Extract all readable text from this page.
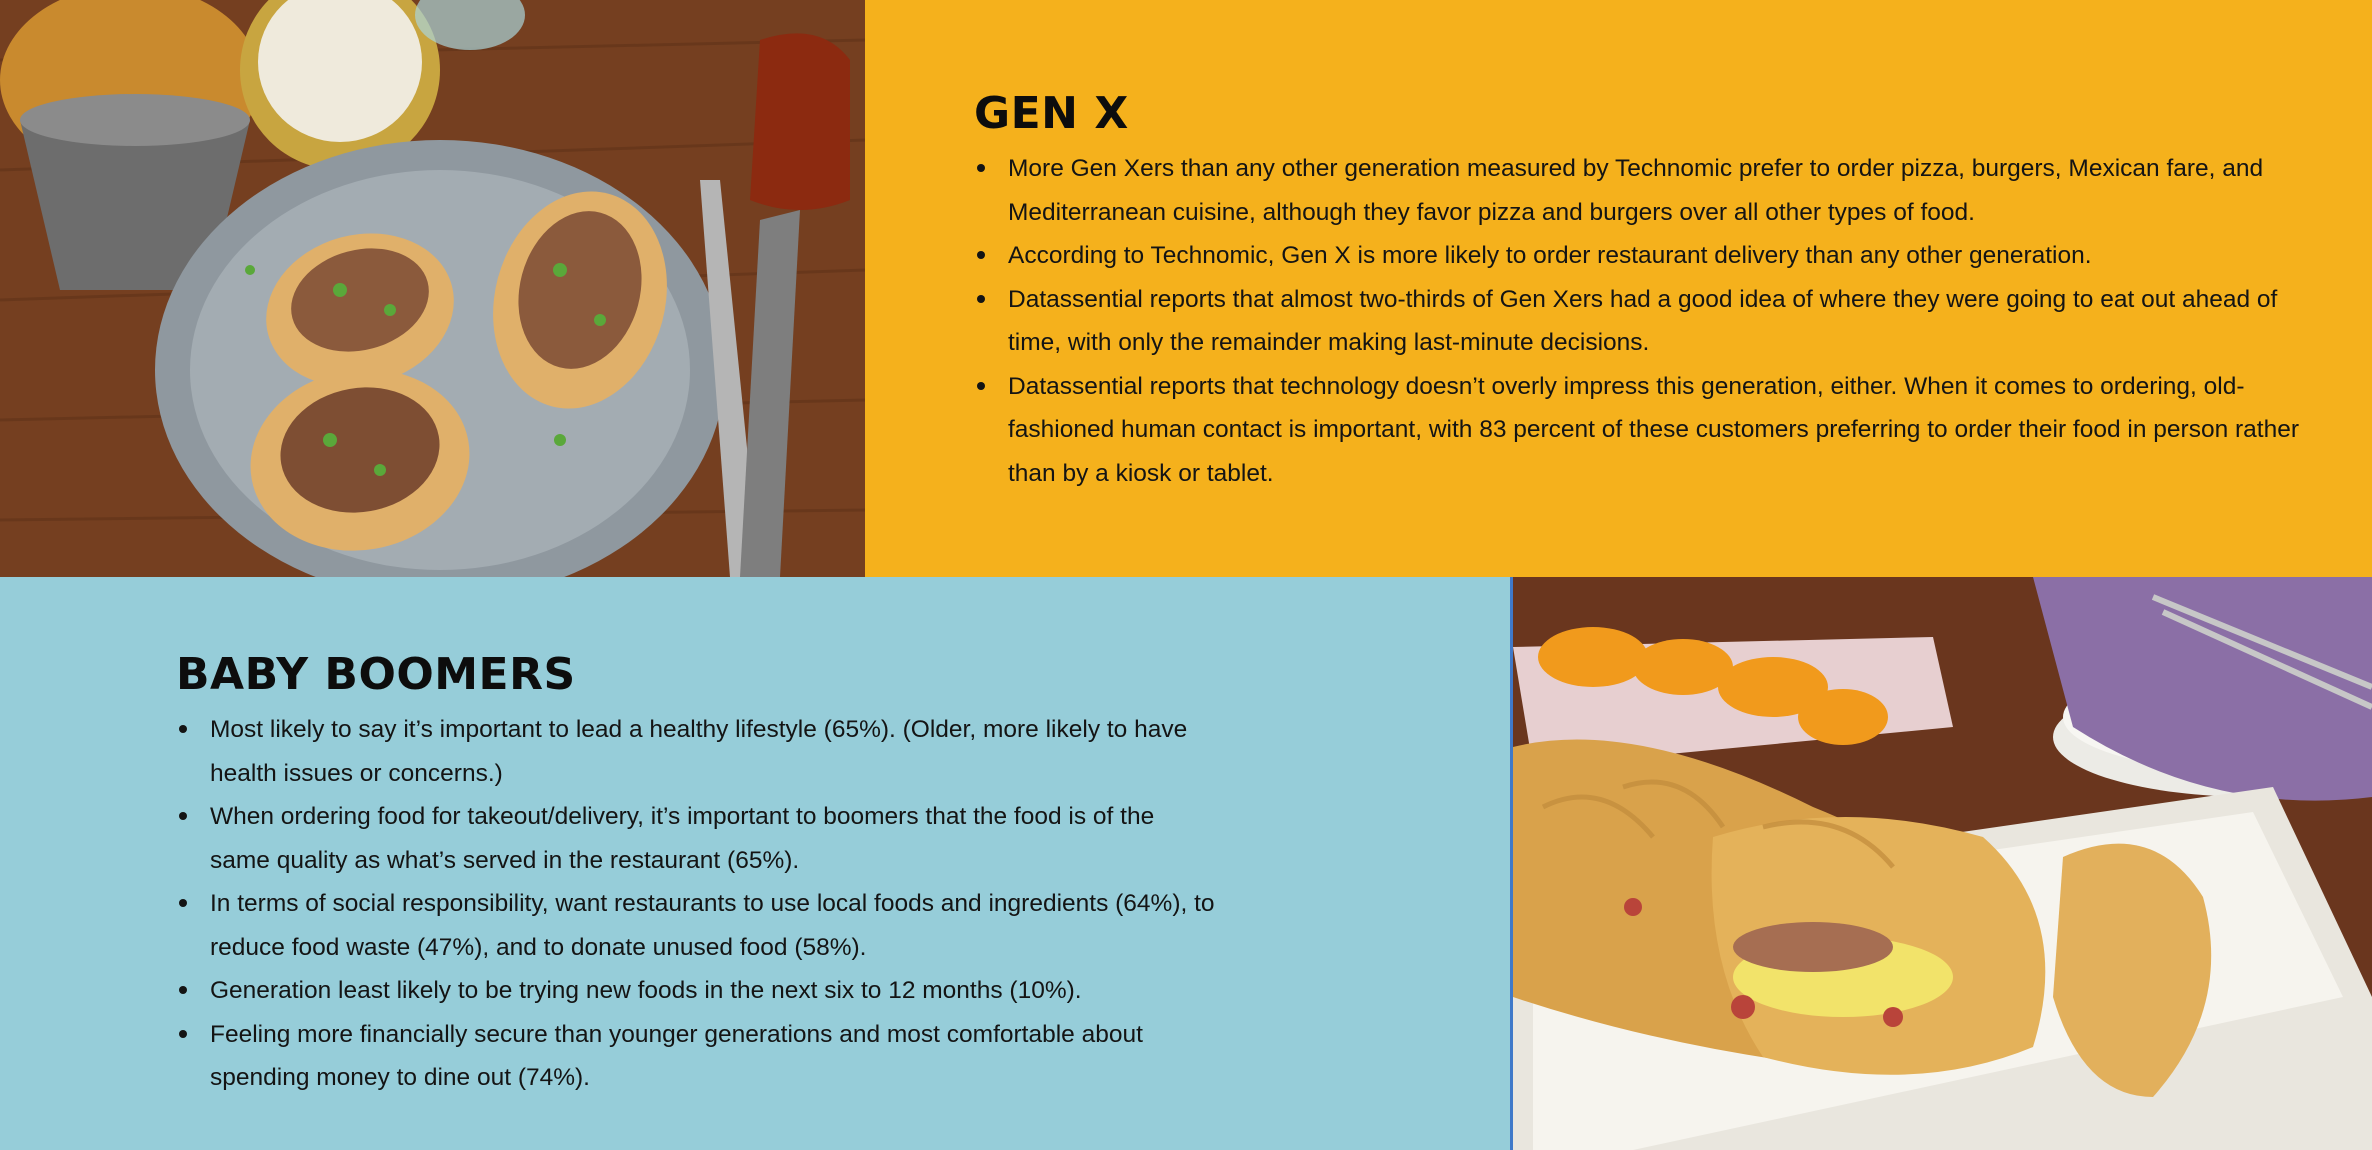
GEN X
More Gen Xers than any other generation measured by Technomic prefer to order pizza, burgers, Mexican fare, and Mediterranean cuisine, although they favor pizza and burgers over all other types of food.
According to Technomic, Gen X is more likely to order restaurant delivery than any other generation.
Datassential reports that almost two-thirds of Gen Xers had a good idea of where they were going to eat out ahead of time, with only the remainder making last-minute decisions.
Datassential reports that technology doesn’t overly impress this generation, either. When it comes to ordering, old-fashioned human contact is important, with 83 percent of these customers preferring to order their food in person rather than by a kiosk or tablet.
BABY BOOMERS
Most likely to say it’s important to lead a healthy lifestyle (65%). (Older, more likely to have health issues or concerns.)
When ordering food for takeout/delivery, it’s important to boomers that the food is of the same quality as what’s served in the restaurant (65%).
In terms of social responsibility, want restaurants to use local foods and ingredients (64%), to reduce food waste (47%), and to donate unused food (58%).
Generation least likely to be trying new foods in the next six to 12 months (10%).
Feeling more financially secure than younger generations and most comfortable about spending money to dine out (74%).
